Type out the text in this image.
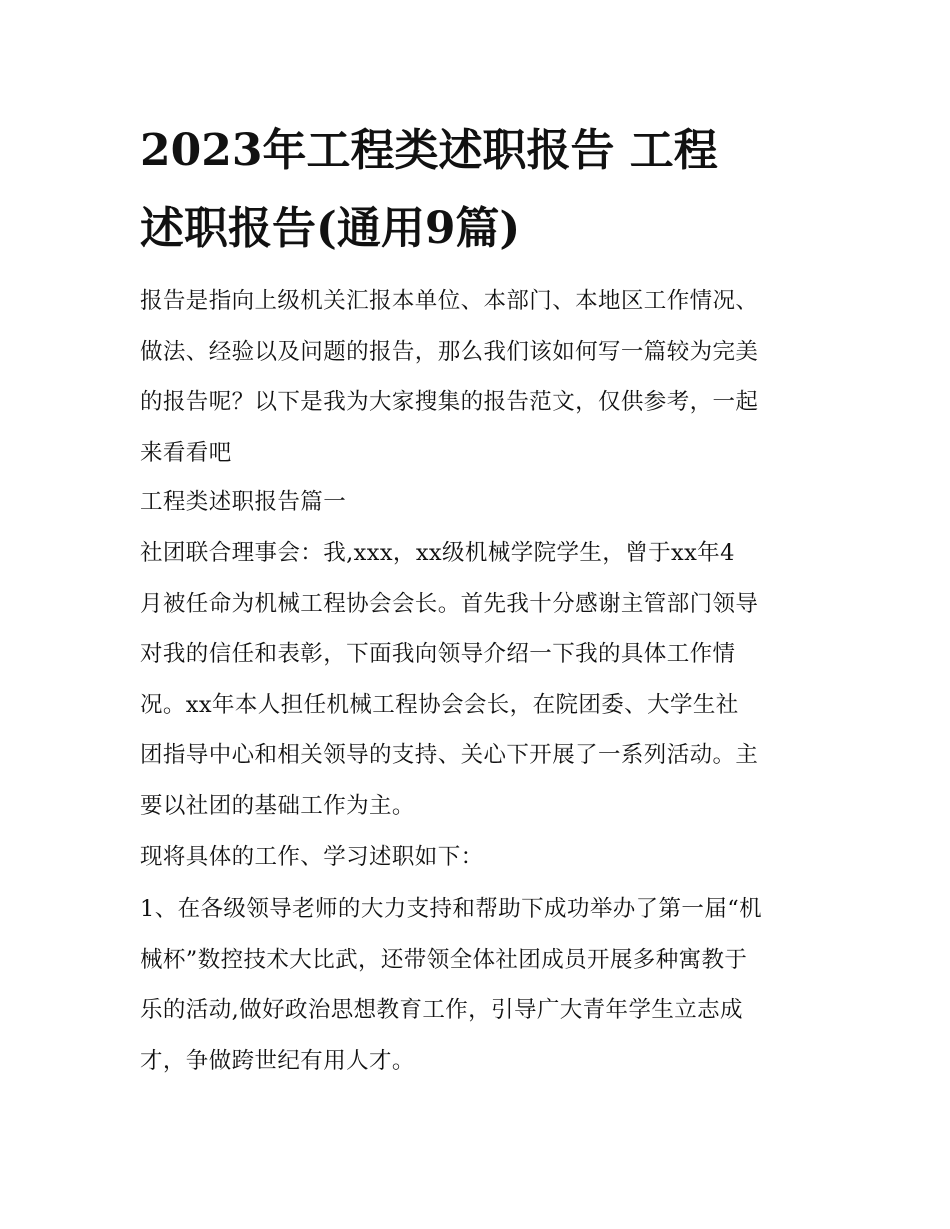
2023年工程类述职报告 工程
述职报告(通用9篇)
报告是指向上级机关汇报本单位、本部门、本地区工作情况、
做法、经验以及问题的报告，那么我们该如何写一篇较为完美
的报告呢？以下是我为大家搜集的报告范文，仅供参考，一起
来看看吧
工程类述职报告篇一
社团联合理事会：我,xxx，xx级机械学院学生，曾于xx年4
月被任命为机械工程协会会长。首先我十分感谢主管部门领导
对我的信任和表彰，下面我向领导介绍一下我的具体工作情
况。xx年本人担任机械工程协会会长，在院团委、大学生社
团指导中心和相关领导的支持、关心下开展了一系列活动。主
要以社团的基础工作为主。
现将具体的工作、学习述职如下：
1、在各级领导老师的大力支持和帮助下成功举办了第一届“机
械杯”数控技术大比武，还带领全体社团成员开展多种寓教于
乐的活动,做好政治思想教育工作，引导广大青年学生立志成
才，争做跨世纪有用人才。
